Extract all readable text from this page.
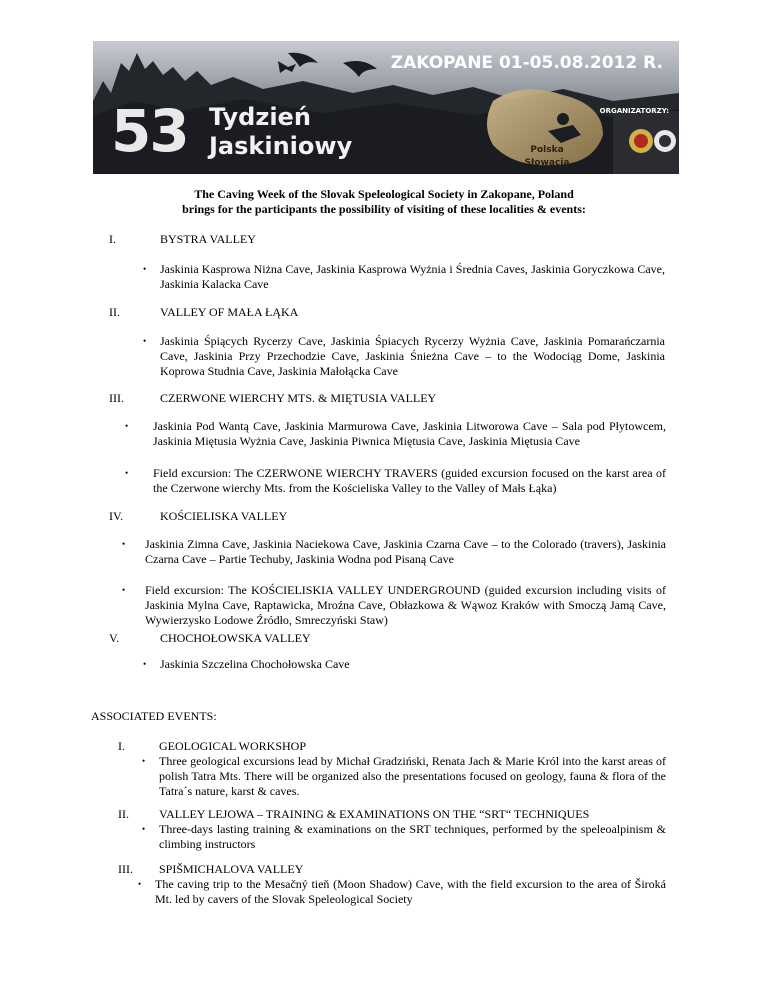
ZAKOPANE 01-05.08.2012 R.
53 Tydzień
Jaskiniowy	Polska
Słowacja
ORGANIZATORZY:
The Caving Week of the Slovak Speleological Society in Zakopane, Poland
brings for the participants the possibility of visiting of these localities & events:
I.	BYSTRA VALLEY
• Jaskinia Kasprowa Niżna Cave, Jaskinia Kasprowa Wyżnia i Średnia Caves, Jaskinia Goryczkowa Cave, Jaskinia Kalacka Cave
II.	VALLEY OF MAŁA ŁĄKA
• Jaskinia Śpiących Rycerzy Cave, Jaskinia Śpiacych Rycerzy Wyżnia Cave, Jaskinia Pomarańczarnia Cave, Jaskinia Przy Przechodzie Cave, Jaskinia Śnieżna Cave – to the Wodociąg Dome, Jaskinia Koprowa Studnia Cave, Jaskinia Małołącka Cave
III.	CZERWONE WIERCHY MTS. & MIĘTUSIA VALLEY
• Jaskinia Pod Wantą Cave, Jaskinia Marmurowa Cave, Jaskinia Litworowa Cave – Sala pod Płytowcem, Jaskinia Miętusia Wyżnia Cave, Jaskinia Piwnica Miętusia Cave, Jaskinia Miętusia Cave
• Field excursion: The CZERWONE WIERCHY TRAVERS (guided excursion focused on the karst area of the Czerwone wierchy Mts. from the Kościeliska Valley to the Valley of Małs Łąka)
IV.	KOŚCIELISKA VALLEY
• Jaskinia Zimna Cave, Jaskinia Naciekowa Cave, Jaskinia Czarna Cave – to the Colorado (travers), Jaskinia Czarna Cave – Partie Techuby, Jaskinia Wodna pod Pisaną Cave
• Field excursion: The KOŚCIELISKIA VALLEY UNDERGROUND (guided excursion including visits of Jaskinia Mylna Cave, Raptawicka, Mroźna Cave, Obłazkowa & Wąwoz Kraków with Smoczą Jamą Cave, Wywierzysko Lodowe Źródło, Smreczyński Staw)
V.	CHOCHOŁOWSKA VALLEY
• Jaskinia Szczelina Chochołowska Cave
ASSOCIATED EVENTS:
I.	GEOLOGICAL WORKSHOP
• Three geological excursions lead by Michał Gradziński, Renata Jach & Marie Król into the karst areas of polish Tatra Mts. There will be organized also the presentations focused on geology, fauna & flora of the Tatra´s nature, karst & caves.
II.	VALLEY LEJOWA – TRAINING & EXAMINATIONS ON THE “SRT“ TECHNIQUES
• Three-days lasting training & examinations on the SRT techniques, performed by the speleoalpinism & climbing instructors
III. SPIŠMICHALOVA VALLEY
• The caving trip to the Mesačný tieň (Moon Shadow) Cave, with the field excursion to the area of Široká Mt. led by cavers of the Slovak Speleological Society
